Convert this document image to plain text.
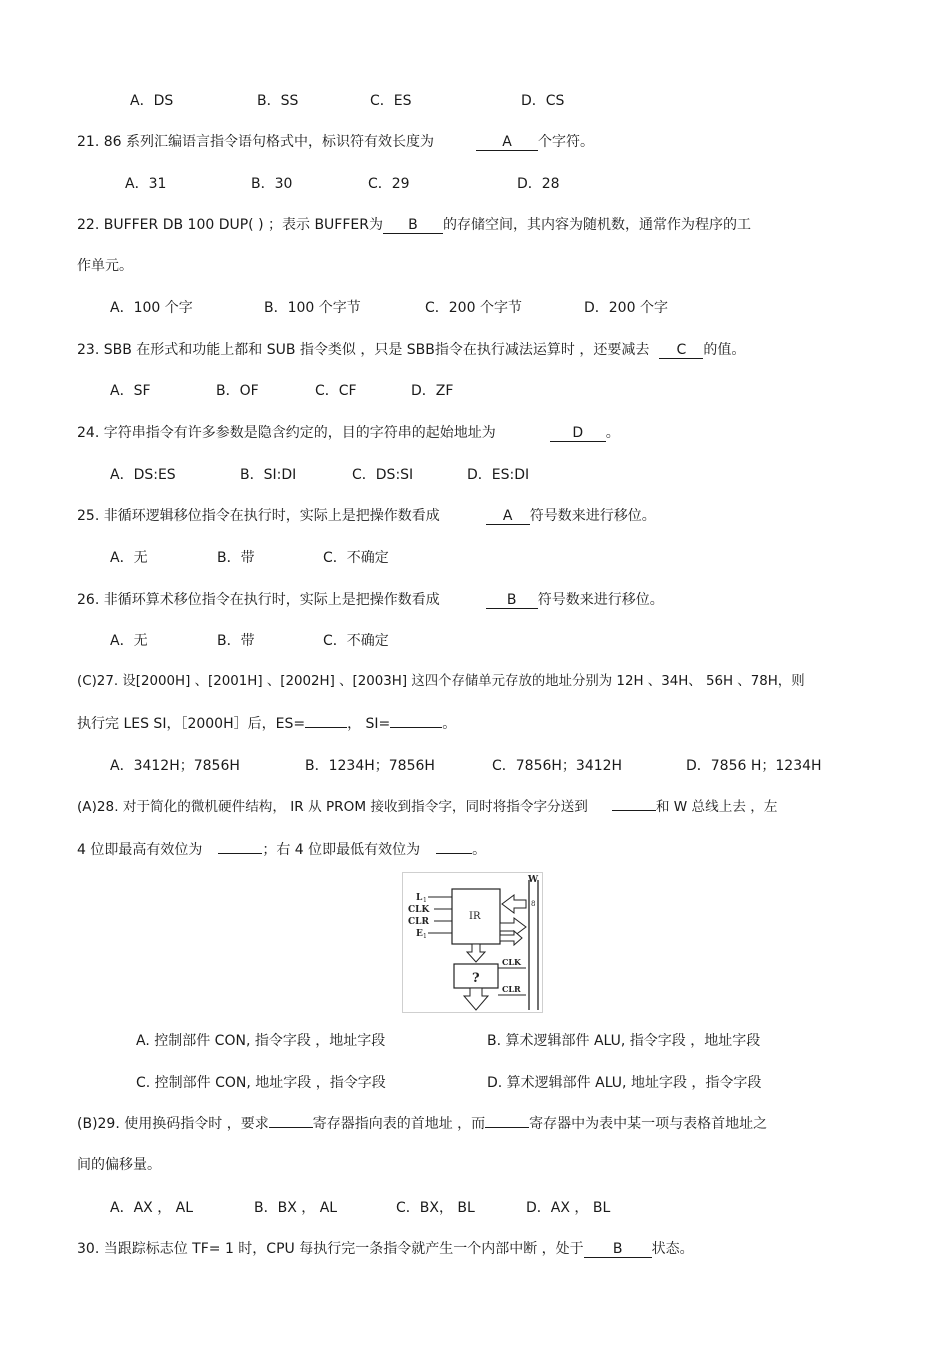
A．DS	B．SS	C．ES	D．CS
21. 86 系列汇编语言指令语句格式中，标识符有效长度为	A 个字符。
A．31	B．30	C．29	D．28
22. BUFFER DB 100 DUP( ) ；表示 BUFFER为 B 的存储空间，其内容为随机数，通常作为程序的工
作单元。
A．100 个字	B．100 个字节	C．200 个字节	D．200 个字
23. SBB 在形式和功能上都和 SUB 指令类似 ，只是 SBB指令在执行减法运算时 ，还要减去 C 的值。
A．SF	B．OF	C．CF	D．ZF
24. 字符串指令有许多参数是隐含约定的，目的字符串的起始地址为	D 。
A．DS:ES	B．SI:DI	C．DS:SI	D．ES:DI
25. 非循环逻辑移位指令在执行时，实际上是把操作数看成	A 符号数来进行移位。
A．无	B．带	C．不确定
26. 非循环算术移位指令在执行时，实际上是把操作数看成	B 符号数来进行移位。
A．无	B．带	C．不确定
(C)27. 设[2000H] 、[2001H] 、[2002H] 、[2003H] 这四个存储单元存放的地址分别为 12H 、34H、 56H 、78H，则
执行完 LES SI，［2000H］后，ES=	， SI=	。
A．3412H；7856H	B．1234H；7856H	C．7856H；3412H	D．7856 H；1234H
(A)28. 对于简化的微机硬件结构， IR 从 PROM 接收到指令字，同时将指令字分送到	和 W 总线上去 ，左
4 位即最高有效位为	；右 4 位即最低有效位为	。
W
8
IR
L 1
CLK
CLR
E 1
?
CLK
CLR
A. 控制部件 CON, 指令字段 ，地址字段	B. 算术逻辑部件 ALU, 指令字段 ，地址字段
C. 控制部件 CON, 地址字段 ，指令字段	D. 算术逻辑部件 ALU, 地址字段 ，指令字段
(B)29. 使用换码指令时 ，要求	寄存器指向表的首地址 ，而	寄存器中为表中某一项与表格首地址之
间的偏移量。
A．AX ， AL	B．BX ， AL	C．BX， BL	D．AX ， BL
30. 当跟踪标志位 TF= 1 时，CPU 每执行完一条指令就产生一个内部中断 ，处于 B 状态。
